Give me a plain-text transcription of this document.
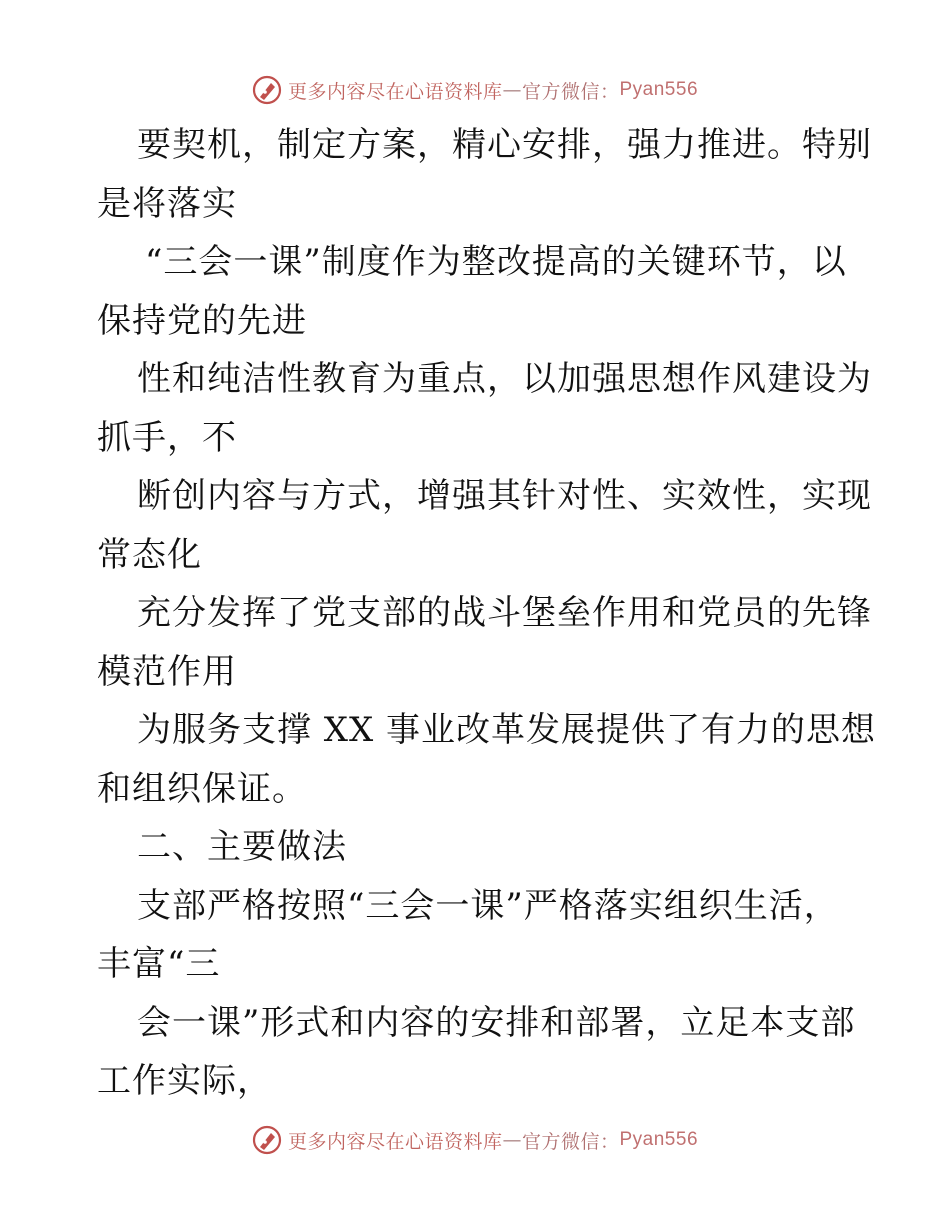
更多内容尽在心语资料库 — 官方微信： Pyan556
要契机，制定方案，精心安排，强力推进。特别
是将落实
“三会一课”制度作为整改提高的关键环节，以
保持党的先进
性和纯洁性教育为重点，以加强思想作风建设为
抓手，不
断创内容与方式，增强其针对性、实效性，实现
常态化
充分发挥了党支部的战斗堡垒作用和党员的先锋
模范作用
为服务支撑 XX 事业改革发展提供了有力的思想
和组织保证。
二、主要做法
支部严格按照“三会一课”严格落实组织生活，
丰富“三
会一课”形式和内容的安排和部署，立足本支部
工作实际，
更多内容尽在心语资料库 — 官方微信： Pyan556
